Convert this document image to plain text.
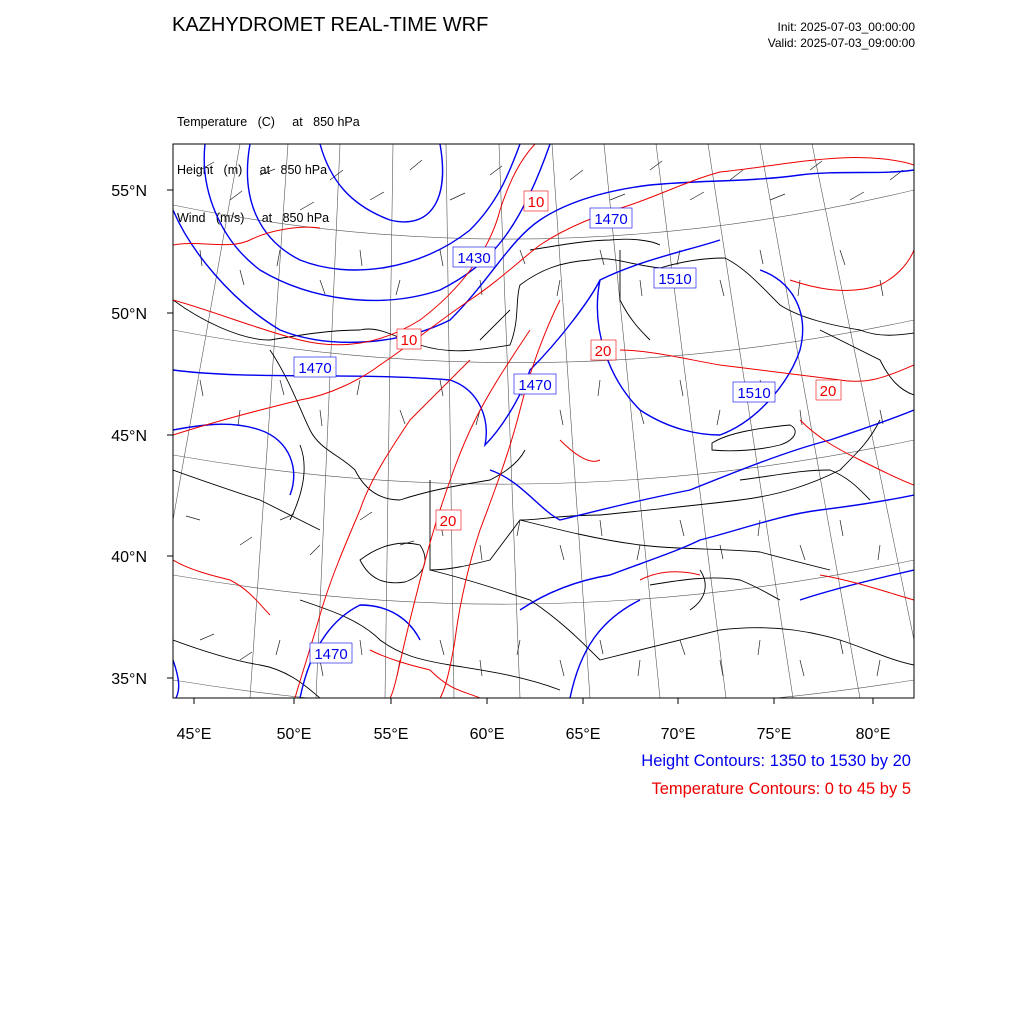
KAZHYDROMET REAL-TIME WRF	Init: 2025-07-03_00:00:00
Valid: 2025-07-03_09:00:00

Temperature   (C)     at   850 hPa

Height   (m)     at   850 hPa

Wind   (m/s)     at   850 hPa

45°E	50°E	55°E	60°E	65°E	70°E	75°E	80°E
55°N
50°N
45°N
40°N
35°N
1430
1470
1470
1470
1470
1510
1510
10
10
20
20
20
Height Contours: 1350 to 1530 by 20
Temperature Contours: 0 to 45 by 5
